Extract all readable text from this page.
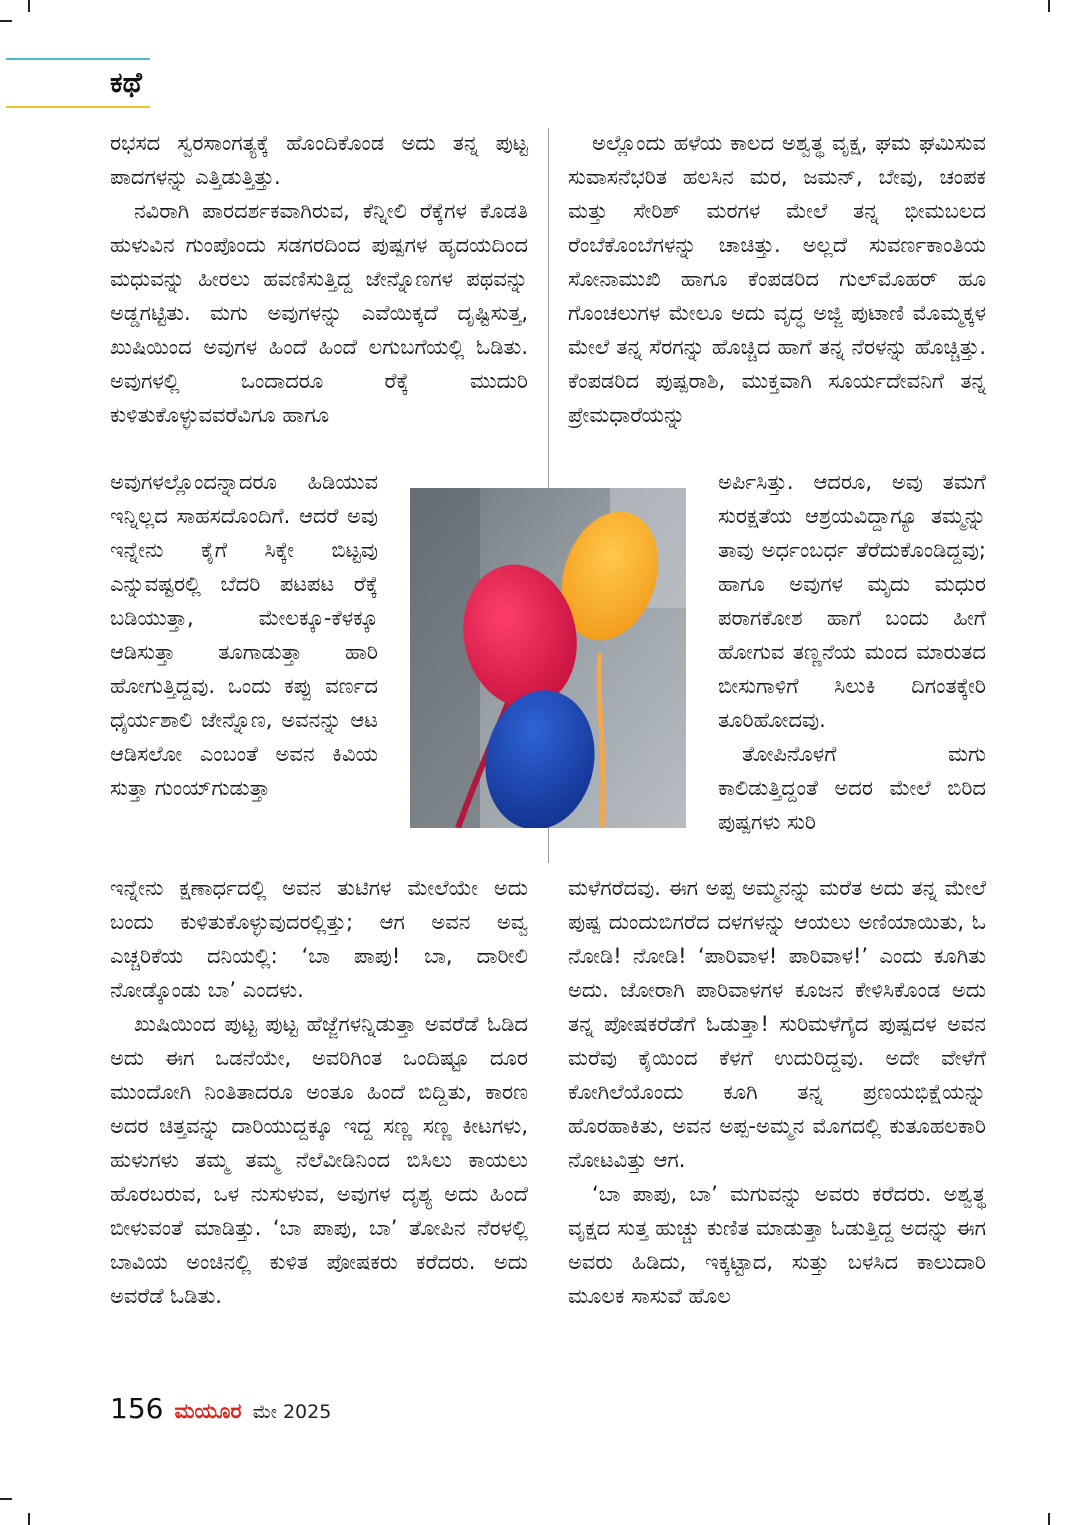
ಕಥೆ

ರಭಸದ ಸ್ವರಸಾಂಗತ್ಯಕ್ಕೆ ಹೊಂದಿಕೊಂಡ ಅದು ತನ್ನ ಪುಟ್ಟ ಪಾದಗಳನ್ನು ಎತ್ತಿಡುತ್ತಿತ್ತು.

ನವಿರಾಗಿ ಪಾರದರ್ಶಕವಾಗಿರುವ, ಕೆನ್ನೀಲಿ ರೆಕ್ಕೆಗಳ ಕೊಡತಿ ಹುಳುವಿನ ಗುಂಪೊಂದು ಸಡಗರದಿಂದ ಪುಷ್ಪಗಳ ಹೃದಯದಿಂದ ಮಧುವನ್ನು ಹೀರಲು ಹವಣಿಸುತ್ತಿದ್ದ ಜೇನ್ನೊಣಗಳ ಪಥವನ್ನು ಅಡ್ಡಗಟ್ಟಿತು. ಮಗು ಅವುಗಳನ್ನು ಎವೆಯಿಕ್ಕದೆ ದೃಷ್ಟಿಸುತ್ತ, ಖುಷಿಯಿಂದ ಅವುಗಳ ಹಿಂದೆ ಹಿಂದೆ ಲಗುಬಗೆಯಲ್ಲಿ ಓಡಿತು. ಅವುಗಳಲ್ಲಿ ಒಂದಾದರೂ ರೆಕ್ಕೆ ಮುದುರಿ ಕುಳಿತುಕೊಳ್ಳುವವರೆವಿಗೂ ಹಾಗೂ

ಅವುಗಳಲ್ಲೊಂದನ್ನಾದರೂ ಹಿಡಿಯುವ ಇನ್ನಿಲ್ಲದ ಸಾಹಸದೊಂದಿಗೆ. ಆದರೆ ಅವು ಇನ್ನೇನು ಕೈಗೆ ಸಿಕ್ಕೇ ಬಿಟ್ಟವು ಎನ್ನುವಷ್ಟರಲ್ಲಿ ಬೆದರಿ ಪಟಪಟ ರೆಕ್ಕೆ ಬಡಿಯುತ್ತಾ, ಮೇಲಕ್ಕೂ-ಕೆಳಕ್ಕೂ ಆಡಿಸುತ್ತಾ ತೂಗಾಡುತ್ತಾ ಹಾರಿ ಹೋಗುತ್ತಿದ್ದವು. ಒಂದು ಕಪ್ಪು ವರ್ಣದ ಧೈರ್ಯಶಾಲಿ ಜೇನ್ನೊಣ, ಅವನನ್ನು ಆಟ ಆಡಿಸಲೋ ಎಂಬಂತೆ ಅವನ ಕಿವಿಯ ಸುತ್ತಾ ಗುಂಯ್‌ಗುಡುತ್ತಾ

ಇನ್ನೇನು ಕ್ಷಣಾರ್ಧದಲ್ಲಿ ಅವನ ತುಟಿಗಳ ಮೇಲೆಯೇ ಅದು ಬಂದು ಕುಳಿತುಕೊಳ್ಳುವುದರಲ್ಲಿತ್ತು; ಆಗ ಅವನ ಅವ್ವ ಎಚ್ಚರಿಕೆಯ ದನಿಯಲ್ಲಿ: ‘ಬಾ ಪಾಪು! ಬಾ, ದಾರೀಲಿ ನೋಡ್ಕೊಂಡು ಬಾ’ ಎಂದಳು.

ಖುಷಿಯಿಂದ ಪುಟ್ಟ ಪುಟ್ಟ ಹೆಜ್ಜೆಗಳನ್ನಿಡುತ್ತಾ ಅವರೆಡೆ ಓಡಿದ ಅದು ಈಗ ಒಡನೆಯೇ, ಅವರಿಗಿಂತ ಒಂದಿಷ್ಟೂ ದೂರ ಮುಂದೋಗಿ ನಿಂತಿತಾದರೂ ಅಂತೂ ಹಿಂದೆ ಬಿದ್ದಿತು, ಕಾರಣ ಅದರ ಚಿತ್ತವನ್ನು ದಾರಿಯುದ್ದಕ್ಕೂ ಇದ್ದ ಸಣ್ಣ ಸಣ್ಣ ಕೀಟಗಳು, ಹುಳುಗಳು ತಮ್ಮ ತಮ್ಮ ನೆಲೆವೀಡಿನಿಂದ ಬಿಸಿಲು ಕಾಯಲು ಹೊರಬರುವ, ಒಳ ನುಸುಳುವ, ಅವುಗಳ ದೃಶ್ಯ ಅದು ಹಿಂದೆ ಬೀಳುವಂತೆ ಮಾಡಿತ್ತು. ‘ಬಾ ಪಾಪು, ಬಾ’ ತೋಪಿನ ನೆರಳಲ್ಲಿ ಬಾವಿಯ ಅಂಚಿನಲ್ಲಿ ಕುಳಿತ ಪೋಷಕರು ಕರೆದರು. ಅದು ಅವರೆಡೆ ಓಡಿತು.

ಅಲ್ಲೊಂದು ಹಳೆಯ ಕಾಲದ ಅಶ್ವತ್ಥ ವೃಕ್ಷ, ಘಮ ಘಮಿಸುವ ಸುವಾಸನೆಭರಿತ ಹಲಸಿನ ಮರ, ಜಮನ್, ಬೇವು, ಚಂಪಕ ಮತ್ತು ಸೇರಿಶ್ ಮರಗಳ ಮೇಲೆ ತನ್ನ ಭೀಮಬಲದ ರೆಂಬೆಕೊಂಬೆಗಳನ್ನು ಚಾಚಿತ್ತು. ಅಲ್ಲದೆ ಸುವರ್ಣಕಾಂತಿಯ ಸೋನಾಮುಖಿ ಹಾಗೂ ಕೆಂಪಡರಿದ ಗುಲ್‌ಮೊಹರ್ ಹೂ ಗೊಂಚಲುಗಳ ಮೇಲೂ ಅದು ವೃದ್ಧ ಅಜ್ಜಿ ಪುಟಾಣಿ ಮೊಮ್ಮಕ್ಕಳ ಮೇಲೆ ತನ್ನ ಸೆರಗನ್ನು ಹೊಚ್ಚಿದ ಹಾಗೆ ತನ್ನ ನೆರಳನ್ನು ಹೊಚ್ಚಿತ್ತು. ಕೆಂಪಡರಿದ ಪುಷ್ಪರಾಶಿ, ಮುಕ್ತವಾಗಿ ಸೂರ್ಯದೇವನಿಗೆ ತನ್ನ ಪ್ರೇಮಧಾರೆಯನ್ನು

ಅರ್ಪಿಸಿತ್ತು. ಆದರೂ, ಅವು ತಮಗೆ ಸುರಕ್ಷತೆಯ ಆಶ್ರಯವಿದ್ದಾಗ್ಯೂ ತಮ್ಮನ್ನು ತಾವು ಅರ್ಧಂಬರ್ಧ ತೆರೆದುಕೊಂಡಿದ್ದವು; ಹಾಗೂ ಅವುಗಳ ಮೃದು ಮಧುರ ಪರಾಗಕೋಶ ಹಾಗೆ ಬಂದು ಹೀಗೆ ಹೋಗುವ ತಣ್ಣನೆಯ ಮಂದ ಮಾರುತದ ಬೀಸುಗಾಳಿಗೆ ಸಿಲುಕಿ ದಿಗಂತಕ್ಕೇರಿ ತೂರಿಹೋದವು.

ತೋಪಿನೊಳಗೆ ಮಗು ಕಾಲಿಡುತ್ತಿದ್ದಂತೆ ಅದರ ಮೇಲೆ ಬಿರಿದ ಪುಷ್ಪಗಳು ಸುರಿ

ಮಳೆಗರೆದವು. ಈಗ ಅಪ್ಪ ಅಮ್ಮನನ್ನು ಮರೆತ ಅದು ತನ್ನ ಮೇಲೆ ಪುಷ್ಪ ದುಂದುಬಿಗರೆದ ದಳಗಳನ್ನು ಆಯಲು ಅಣಿಯಾಯಿತು, ಓ ನೋಡಿ! ನೋಡಿ! ‘ಪಾರಿವಾಳ! ಪಾರಿವಾಳ!’ ಎಂದು ಕೂಗಿತು ಅದು. ಜೋರಾಗಿ ಪಾರಿವಾಳಗಳ ಕೂಜನ ಕೇಳಿಸಿಕೊಂಡ ಅದು ತನ್ನ ಪೋಷಕರೆಡೆಗೆ ಓಡುತ್ತಾ! ಸುರಿಮಳೆಗೈದ ಪುಷ್ಪದಳ ಅವನ ಮರೆವು ಕೈಯಿಂದ ಕೆಳಗೆ ಉದುರಿದ್ದವು. ಅದೇ ವೇಳೆಗೆ ಕೋಗಿಲೆಯೊಂದು ಕೂಗಿ ತನ್ನ ಪ್ರಣಯಭಿಕ್ಷೆಯನ್ನು ಹೊರಹಾಕಿತು, ಅವನ ಅಪ್ಪ-ಅಮ್ಮನ ಮೊಗದಲ್ಲಿ ಕುತೂಹಲಕಾರಿ ನೋಟವಿತ್ತು ಆಗ.

‘ಬಾ ಪಾಪು, ಬಾ’ ಮಗುವನ್ನು ಅವರು ಕರೆದರು. ಅಶ್ವತ್ಥ ವೃಕ್ಷದ ಸುತ್ತ ಹುಚ್ಚು ಕುಣಿತ ಮಾಡುತ್ತಾ ಓಡುತ್ತಿದ್ದ ಅದನ್ನು ಈಗ ಅವರು ಹಿಡಿದು, ಇಕ್ಕಟ್ಟಾದ, ಸುತ್ತು ಬಳಸಿದ ಕಾಲುದಾರಿ ಮೂಲಕ ಸಾಸುವೆ ಹೊಲ

156 ಮಯೂರ ಮೇ 2025
